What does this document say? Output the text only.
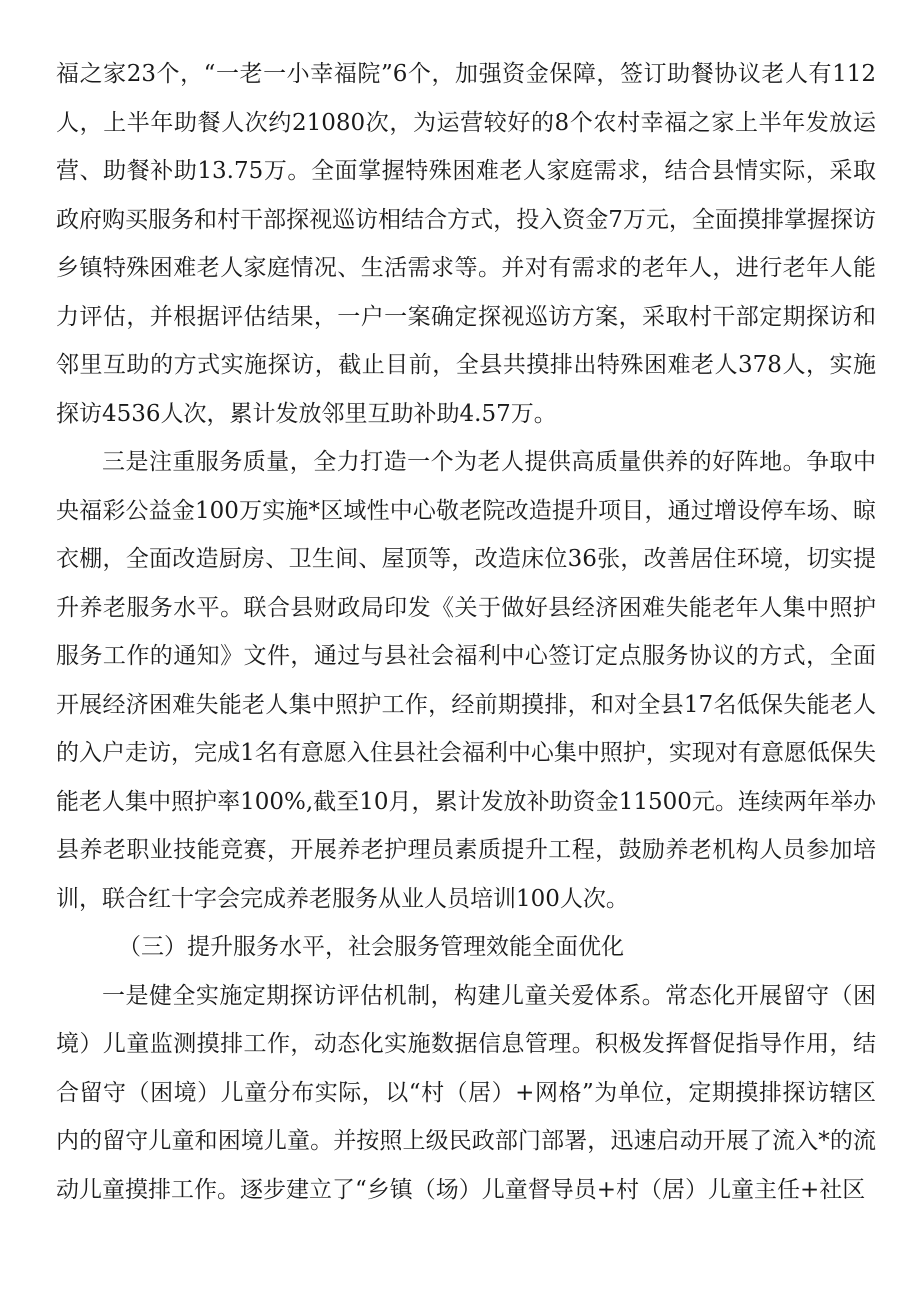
福之家23个，“一老一小幸福院”6个，加强资金保障，签订助餐协议老人有112人，上半年助餐人次约21080次，为运营较好的8个农村幸福之家上半年发放运营、助餐补助13.75万。全面掌握特殊困难老人家庭需求，结合县情实际，采取政府购买服务和村干部探视巡访相结合方式，投入资金7万元，全面摸排掌握探访乡镇特殊困难老人家庭情况、生活需求等。并对有需求的老年人，进行老年人能力评估，并根据评估结果，一户一案确定探视巡访方案，采取村干部定期探访和邻里互助的方式实施探访，截止目前，全县共摸排出特殊困难老人378人，实施探访4536人次，累计发放邻里互助补助4.57万。

三是注重服务质量，全力打造一个为老人提供高质量供养的好阵地。争取中央福彩公益金100万实施*区域性中心敬老院改造提升项目，通过增设停车场、晾衣棚，全面改造厨房、卫生间、屋顶等，改造床位36张，改善居住环境，切实提升养老服务水平。联合县财政局印发《关于做好县经济困难失能老年人集中照护服务工作的通知》文件，通过与县社会福利中心签订定点服务协议的方式，全面开展经济困难失能老人集中照护工作，经前期摸排，和对全县17名低保失能老人的入户走访，完成1名有意愿入住县社会福利中心集中照护，实现对有意愿低保失能老人集中照护率100%,截至10月，累计发放补助资金11500元。连续两年举办县养老职业技能竞赛，开展养老护理员素质提升工程，鼓励养老机构人员参加培训，联合红十字会完成养老服务从业人员培训100人次。

（三）提升服务水平，社会服务管理效能全面优化

一是健全实施定期探访评估机制，构建儿童关爱体系。常态化开展留守（困境）儿童监测摸排工作，动态化实施数据信息管理。积极发挥督促指导作用，结合留守（困境）儿童分布实际，以“村（居）+网格”为单位，定期摸排探访辖区内的留守儿童和困境儿童。并按照上级民政部门部署，迅速启动开展了流入*的流动儿童摸排工作。逐步建立了“乡镇（场）儿童督导员+村（居）儿童主任+社区
